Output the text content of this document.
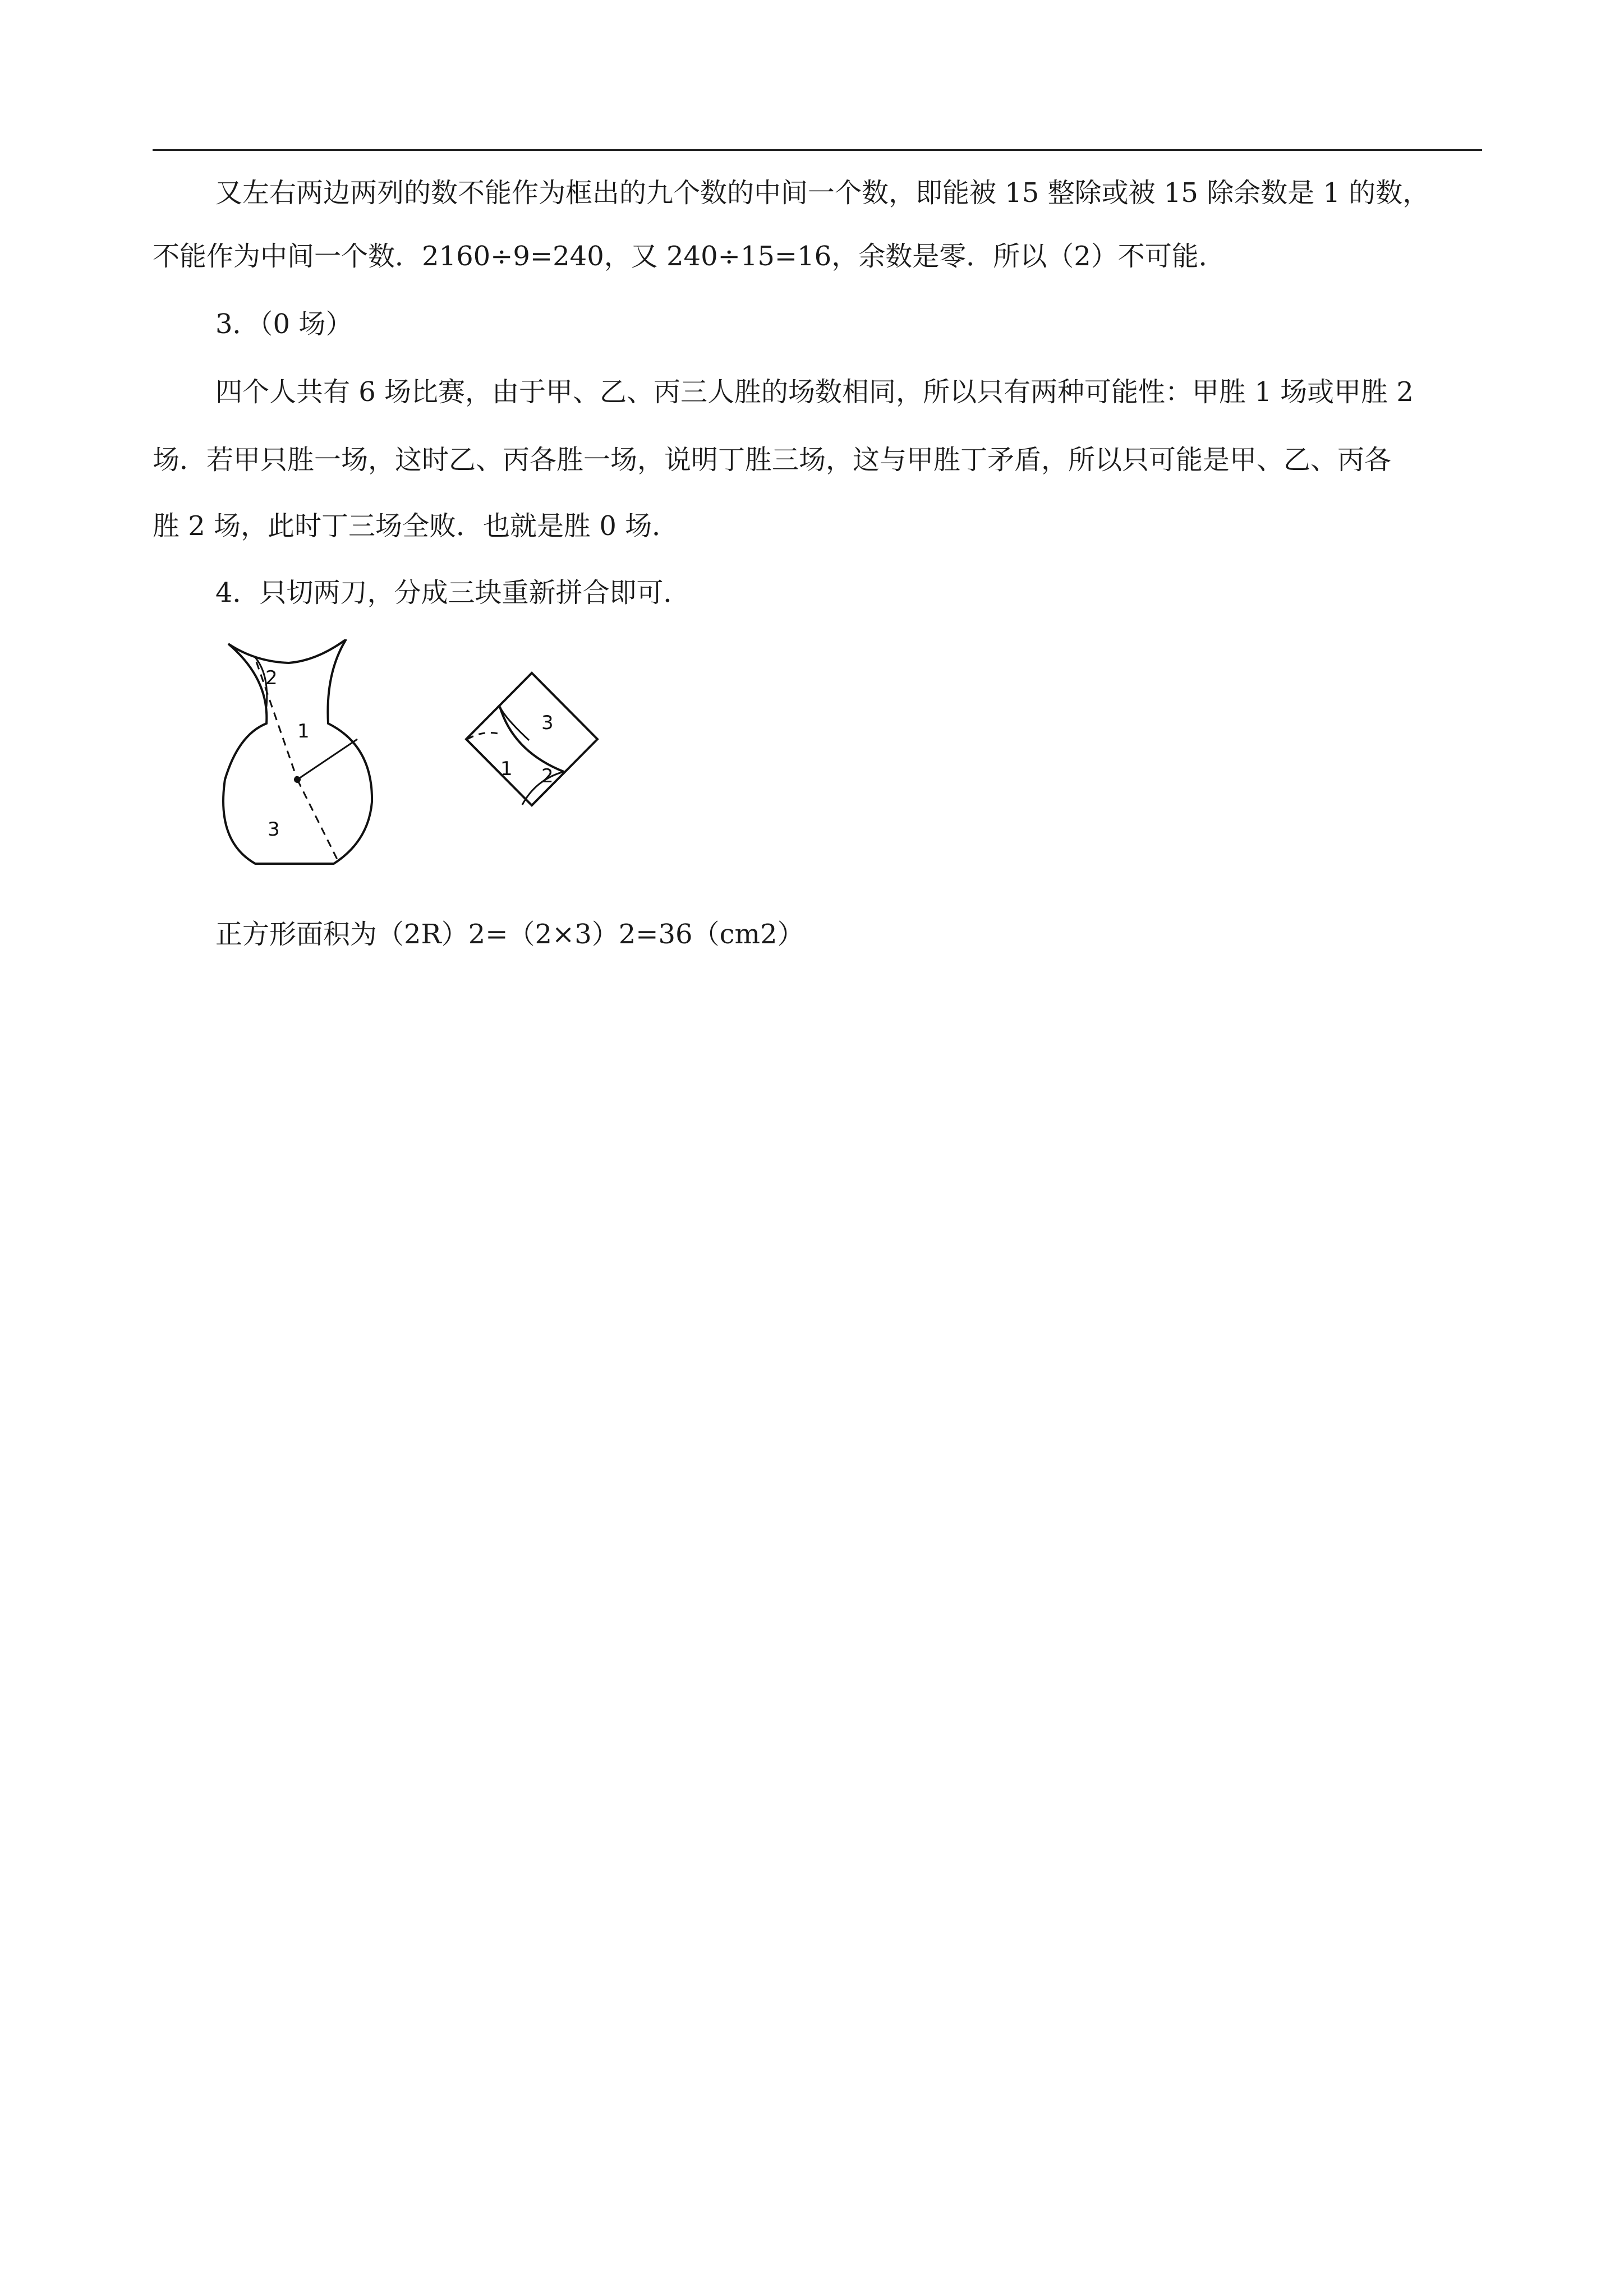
又左右两边两列的数不能作为框出的九个数的中间一个数，即能被 15 整除或被 15 除余数是 1 的数，

不能作为中间一个数．2160÷9=240，又 240÷15=16，余数是零．所以（2）不可能．

3．（0 场）

四个人共有 6 场比赛，由于甲、乙、丙三人胜的场数相同，所以只有两种可能性：甲胜 1 场或甲胜 2

场．若甲只胜一场，这时乙、丙各胜一场，说明丁胜三场，这与甲胜丁矛盾，所以只可能是甲、乙、丙各

胜 2 场，此时丁三场全败．也就是胜 0 场．

4．只切两刀，分成三块重新拼合即可．

2
1
3
3
1 2

正方形面积为（2R）2=（2×3）2=36（cm2）
